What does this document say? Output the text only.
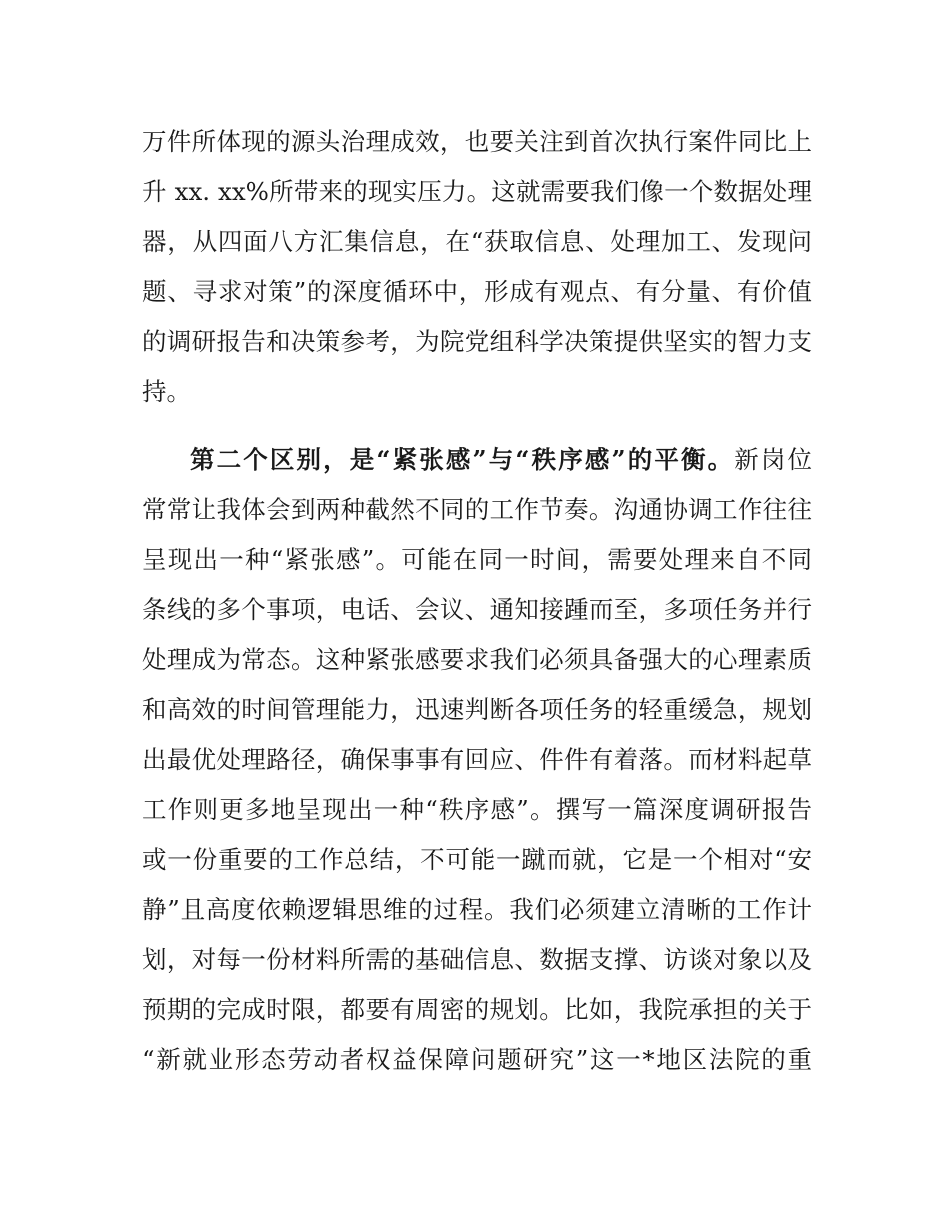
万件所体现的源头治理成效，也要关注到首次执行案件同比上
升 xx. xx%所带来的现实压力。这就需要我们像一个数据处理
器，从四面八方汇集信息，在“获取信息、处理加工、发现问
题、寻求对策”的深度循环中，形成有观点、有分量、有价值
的调研报告和决策参考，为院党组科学决策提供坚实的智力支
持。
第二个区别，是“紧张感”与“秩序感”的平衡。新岗位
常常让我体会到两种截然不同的工作节奏。沟通协调工作往往
呈现出一种“紧张感”。可能在同一时间，需要处理来自不同
条线的多个事项，电话、会议、通知接踵而至，多项任务并行
处理成为常态。这种紧张感要求我们必须具备强大的心理素质
和高效的时间管理能力，迅速判断各项任务的轻重缓急，规划
出最优处理路径，确保事事有回应、件件有着落。而材料起草
工作则更多地呈现出一种“秩序感”。撰写一篇深度调研报告
或一份重要的工作总结，不可能一蹴而就，它是一个相对“安
静”且高度依赖逻辑思维的过程。我们必须建立清晰的工作计
划，对每一份材料所需的基础信息、数据支撑、访谈对象以及
预期的完成时限，都要有周密的规划。比如，我院承担的关于
“新就业形态劳动者权益保障问题研究”这一*地区法院的重
